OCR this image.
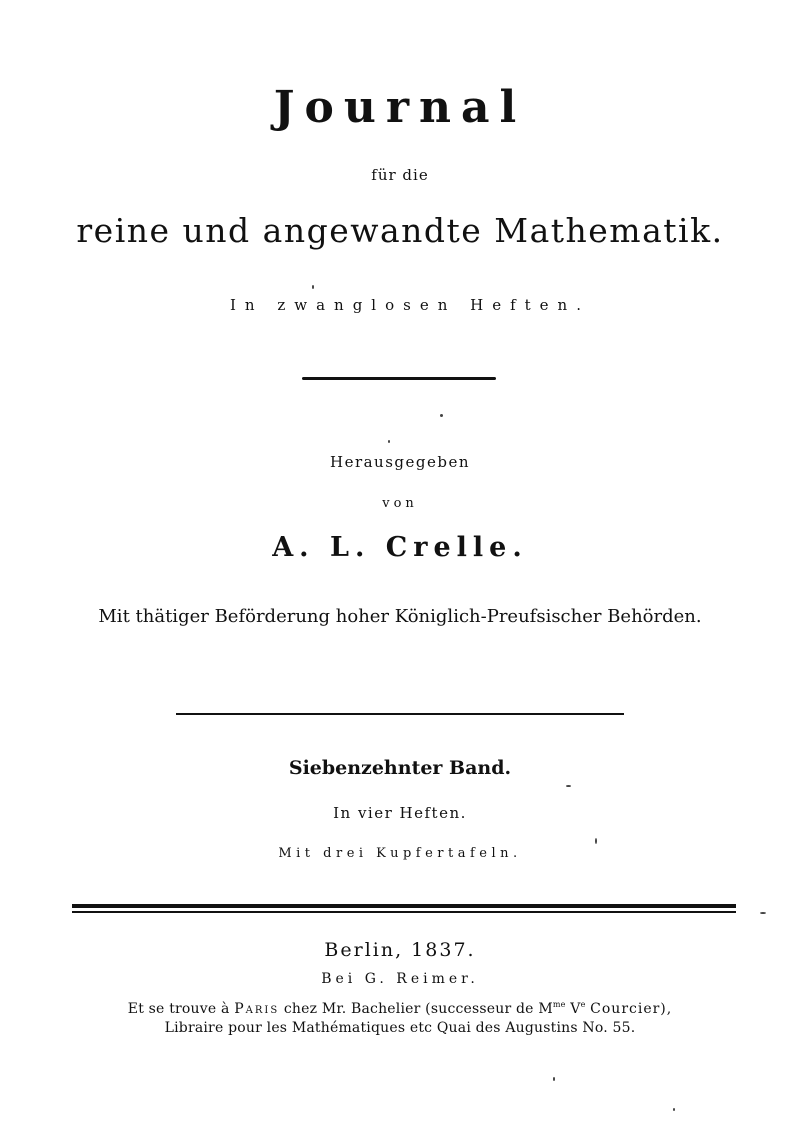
Journal
für die
reine und angewandte Mathematik.
In zwanglosen Heften.
Herausgegeben
von
A. L. Crelle.
Mit thätiger Beförderung hoher Königlich-Preufsischer Behörden.
Siebenzehnter Band.
In vier Heften.
Mit drei Kupfertafeln.
Berlin, 1837.
Bei G. Reimer.
Et se trouve à Paris chez Mr. Bachelier (successeur de $M^{me}$ Ve Courcier),
Libraire pour les Mathématiques etc Quai des Augustins No. 55.
